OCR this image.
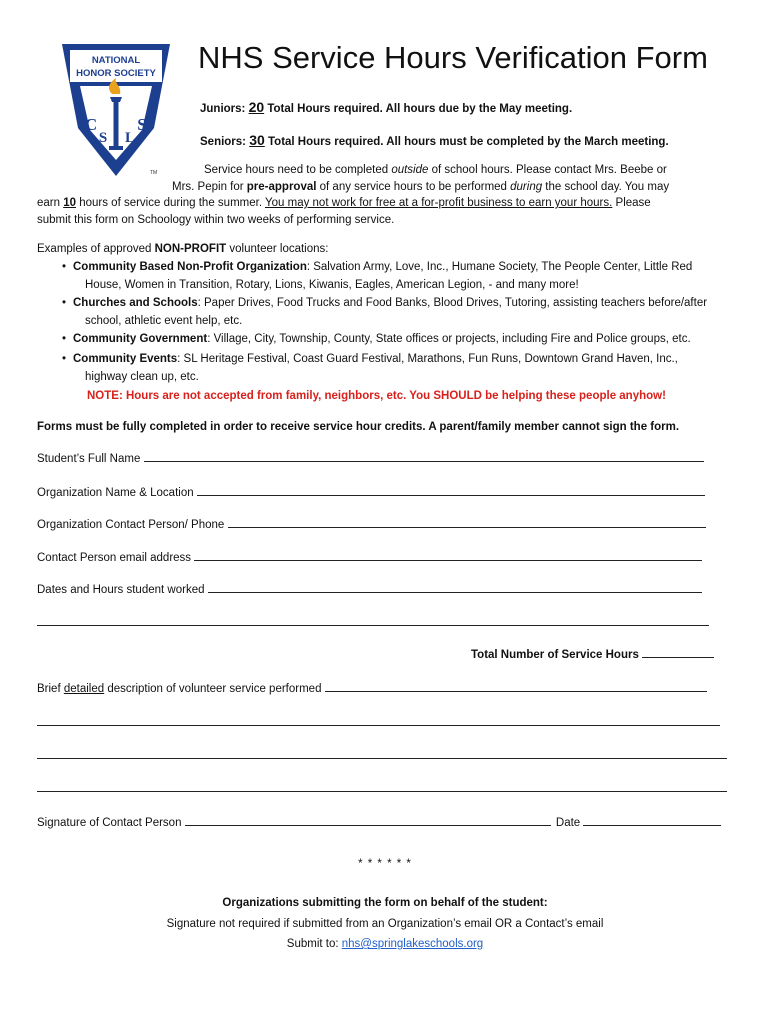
NATIONAL
HONOR SOCIETY
C
S L
S
TM
NHS Service Hours Verification Form
Juniors: 20 Total Hours required. All hours due by the May meeting.
Seniors: 30 Total Hours required. All hours must be completed by the March meeting.
Service hours need to be completed outside of school hours. Please contact Mrs. Beebe or
Mrs. Pepin for pre-approval of any service hours to be performed during the school day. You may
earn 10 hours of service during the summer. You may not work for free at a for-profit business to earn your hours. Please
submit this form on Schoology within two weeks of performing service.
Examples of approved NON-PROFIT volunteer locations:
• Community Based Non-Profit Organization: Salvation Army, Love, Inc., Humane Society, The People Center, Little Red
House, Women in Transition, Rotary, Lions, Kiwanis, Eagles, American Legion, - and many more!
• Churches and Schools: Paper Drives, Food Trucks and Food Banks, Blood Drives, Tutoring, assisting teachers before/after
school, athletic event help, etc.
• Community Government: Village, City, Township, County, State offices or projects, including Fire and Police groups, etc.
• Community Events: SL Heritage Festival, Coast Guard Festival, Marathons, Fun Runs, Downtown Grand Haven, Inc.,
highway clean up, etc.
NOTE: Hours are not accepted from family, neighbors, etc. You SHOULD be helping these people anyhow!
Forms must be fully completed in order to receive service hour credits. A parent/family member cannot sign the form.
Student’s Full Name
Organization Name & Location
Organization Contact Person/ Phone
Contact Person email address
Dates and Hours student worked
Total Number of Service Hours
Brief detailed description of volunteer service performed
Signature of Contact Person	Date
* * * * * *
Organizations submitting the form on behalf of the student:
Signature not required if submitted from an Organization’s email OR a Contact’s email
Submit to: nhs@springlakeschools.org
